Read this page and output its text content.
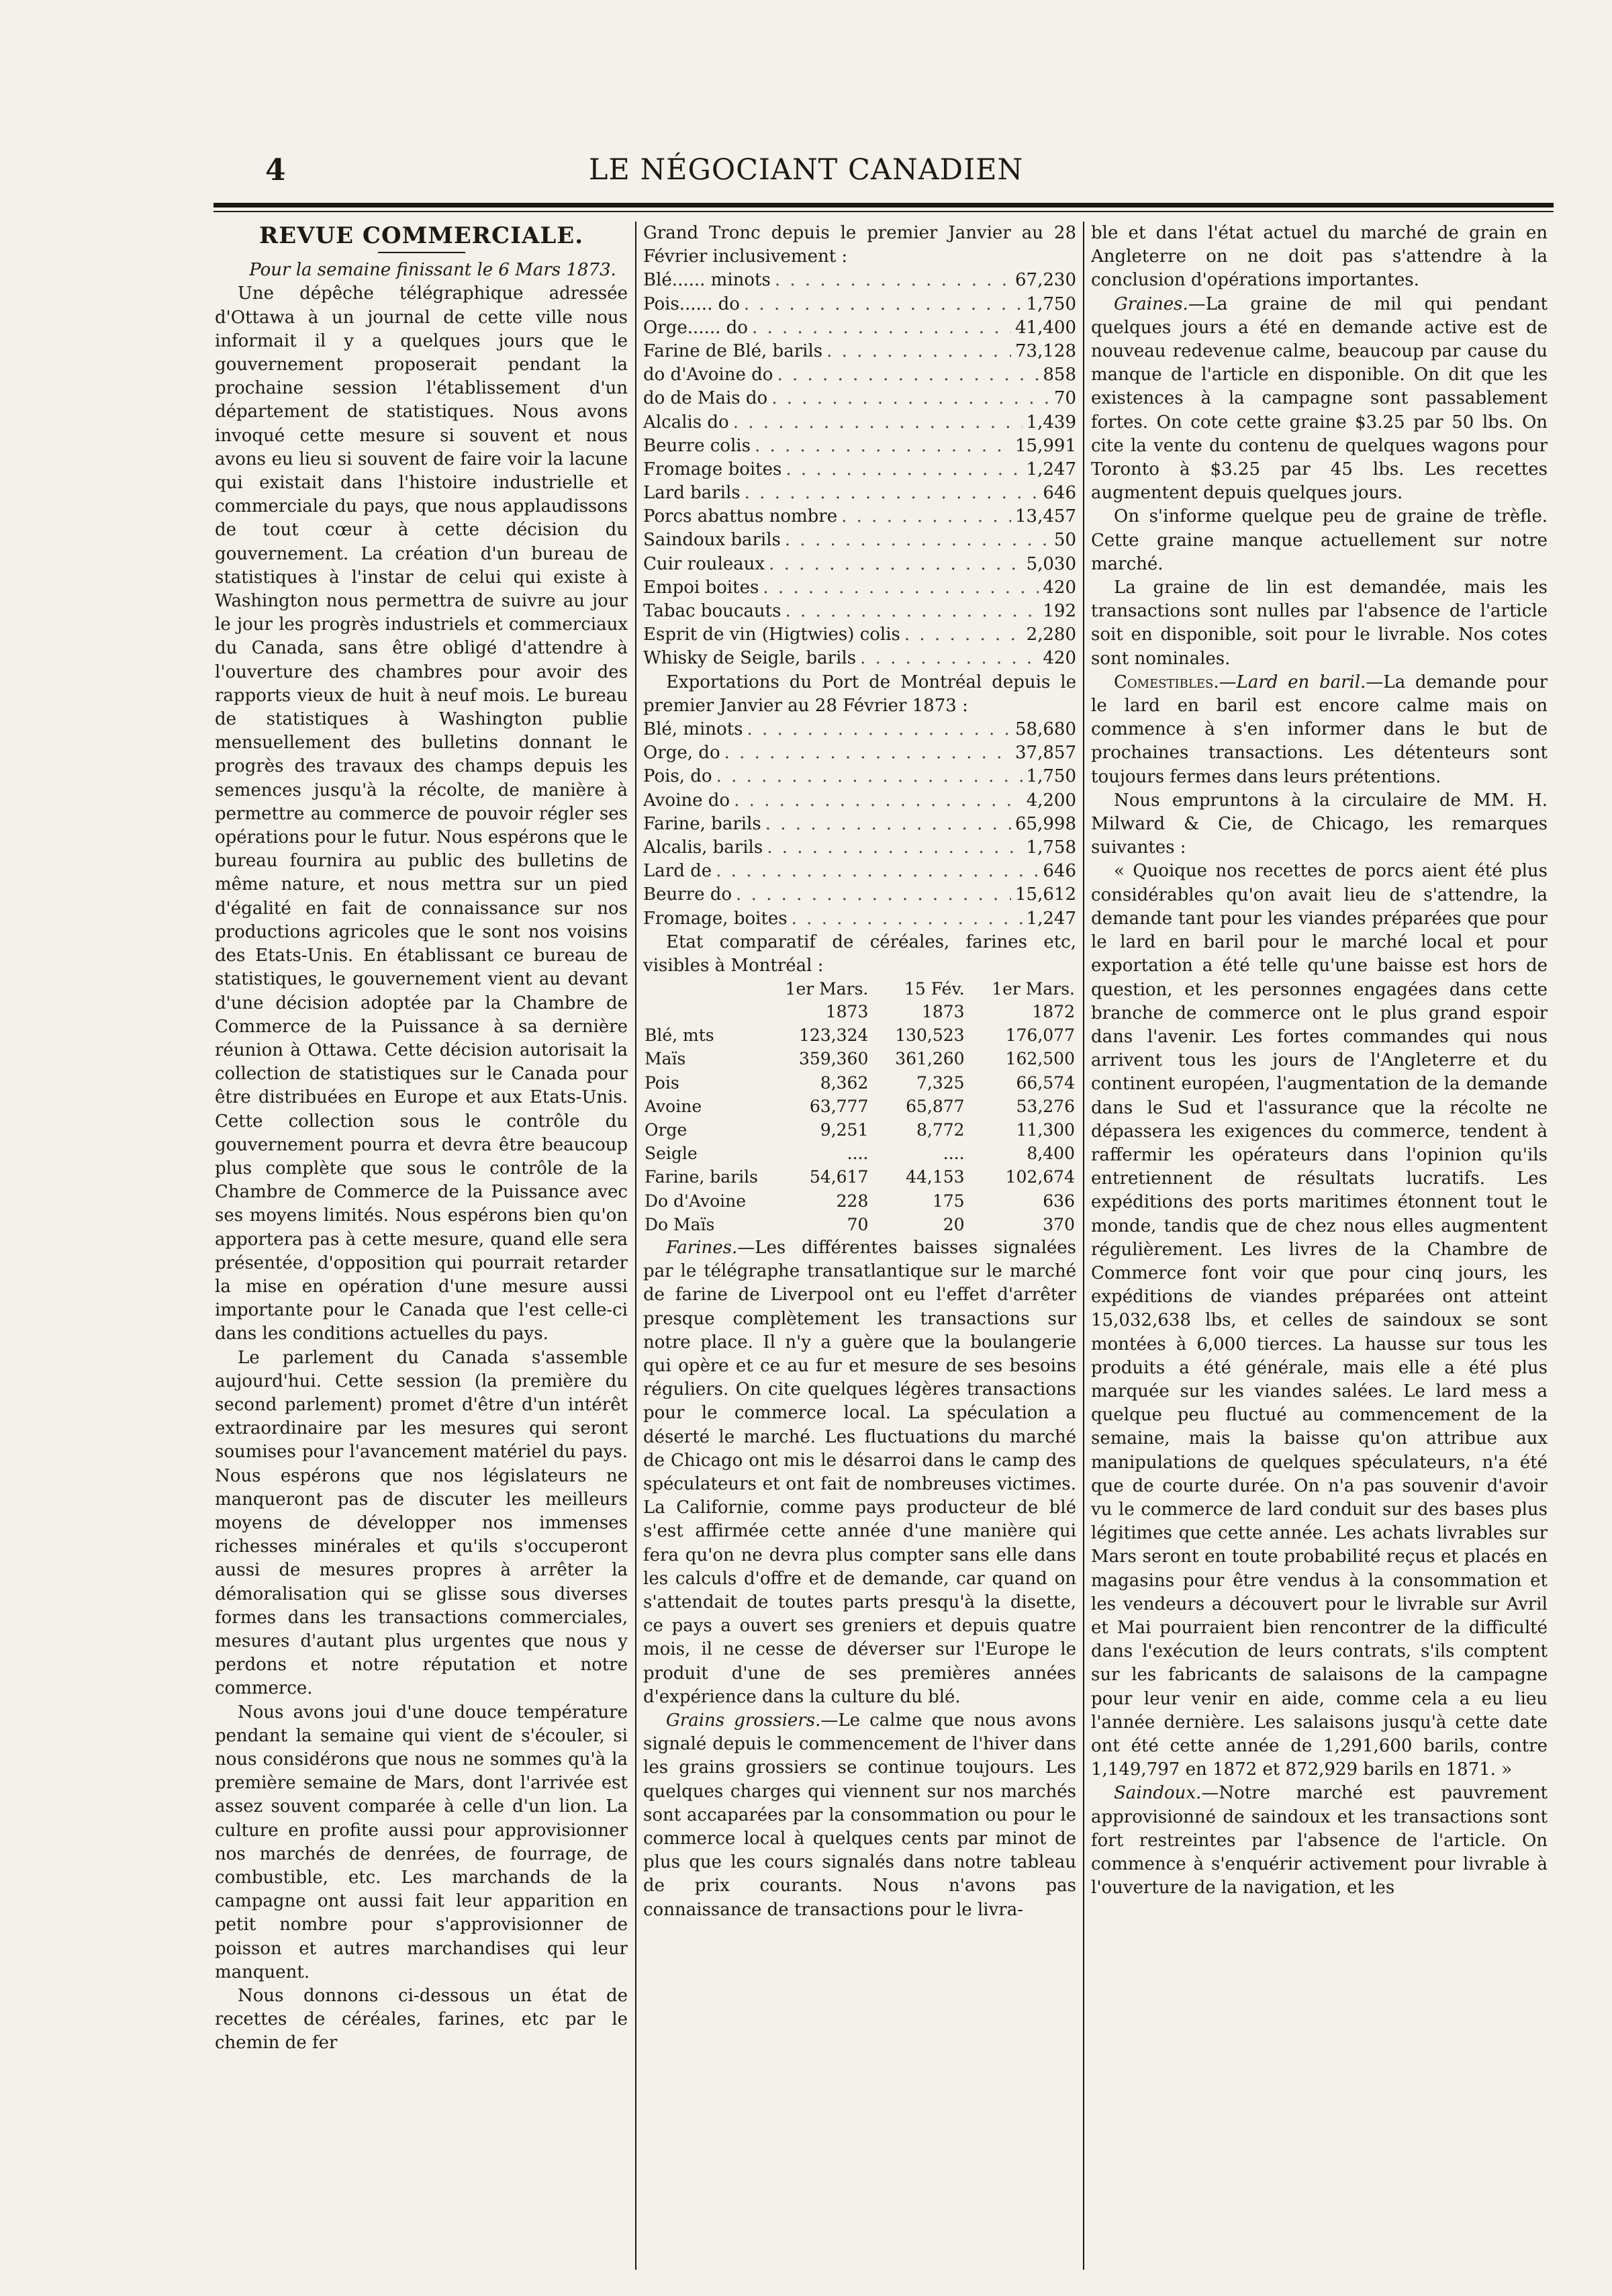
4	LE NÉGOCIANT CANADIEN
REVUE COMMERCIALE.

Pour la semaine finissant le 6 Mars 1873.

Une dépêche télégraphique adressée d'Ottawa à un journal de cette ville nous informait il y a quelques jours que le gouvernement proposerait pendant la prochaine session l'établissement d'un département de statistiques. Nous avons invoqué cette mesure si souvent et nous avons eu lieu si souvent de faire voir la lacune qui existait dans l'histoire industrielle et commerciale du pays, que nous applaudissons de tout cœur à cette décision du gouvernement. La création d'un bureau de statistiques à l'instar de celui qui existe à Washington nous permettra de suivre au jour le jour les progrès industriels et commerciaux du Canada, sans être obligé d'attendre à l'ouverture des chambres pour avoir des rapports vieux de huit à neuf mois. Le bureau de statistiques à Washington publie mensuellement des bulletins donnant le progrès des travaux des champs depuis les semences jusqu'à la récolte, de manière à permettre au commerce de pouvoir régler ses opérations pour le futur. Nous espérons que le bureau fournira au public des bulletins de même nature, et nous mettra sur un pied d'égalité en fait de connaissance sur nos productions agricoles que le sont nos voisins des Etats-Unis. En établissant ce bureau de statistiques, le gouvernement vient au devant d'une décision adoptée par la Chambre de Commerce de la Puissance à sa dernière réunion à Ottawa. Cette décision autorisait la collection de statistiques sur le Canada pour être distribuées en Europe et aux Etats-Unis. Cette collection sous le contrôle du gouvernement pourra et devra être beaucoup plus complète que sous le contrôle de la Chambre de Commerce de la Puissance avec ses moyens limités. Nous espérons bien qu'on apportera pas à cette mesure, quand elle sera présentée, d'opposition qui pourrait retarder la mise en opération d'une mesure aussi importante pour le Canada que l'est celle-ci dans les conditions actuelles du pays.

Le parlement du Canada s'assemble aujourd'hui. Cette session (la première du second parlement) promet d'être d'un intérêt extraordinaire par les mesures qui seront soumises pour l'avancement matériel du pays. Nous espérons que nos législateurs ne manqueront pas de discuter les meilleurs moyens de développer nos immenses richesses minérales et qu'ils s'occuperont aussi de mesures propres à arrêter la démoralisation qui se glisse sous diverses formes dans les transactions commerciales, mesures d'autant plus urgentes que nous y perdons et notre réputation et notre commerce.

Nous avons joui d'une douce température pendant la semaine qui vient de s'écouler, si nous considérons que nous ne sommes qu'à la première semaine de Mars, dont l'arrivée est assez souvent comparée à celle d'un lion. La culture en profite aussi pour approvisionner nos marchés de denrées, de fourrage, de combustible, etc. Les marchands de la campagne ont aussi fait leur apparition en petit nombre pour s'approvisionner de poisson et autres marchandises qui leur manquent.

Nous donnons ci-dessous un état de recettes de céréales, farines, etc par le chemin de fer

Grand Tronc depuis le premier Janvier au 28 Février inclusivement :

Blé...... minots . . .	67,230
Pois...... do . . .	1,750
Orge...... do . . .	41,400
Farine de Blé, barils . . .	73,128
do d'Avoine do . . .	858
do de Mais do . . .	70
Alcalis do . . .	1,439
Beurre colis . . .	15,991
Fromage boites . . .	1,247
Lard barils . . .	646
Porcs abattus nombre . . .	13,457
Saindoux barils . . .	50
Cuir rouleaux . . .	5,030
Empoi boites . . .	420
Tabac boucauts . . .	192
Esprit de vin (Higtwies) colis . . .	2,280
Whisky de Seigle, barils . . .	420

Exportations du Port de Montréal depuis le premier Janvier au 28 Février 1873 :

Blé, minots . . .	58,680
Orge, do . . .	37,857
Pois, do . . .	1,750
Avoine do . . .	4,200
Farine, barils . . .	65,998
Alcalis, barils . . .	1,758
Lard de . . .	646
Beurre do . . .	15,612
Fromage, boites . . .	1,247

Etat comparatif de céréales, farines etc, visibles à Montréal :

	1er Mars. 1873	15 Fév. 1873	1er Mars. 1872
Blé, mts	123,324	130,523	176,077
Maïs	359,360	361,260	162,500
Pois	8,362	7,325	66,574
Avoine	63,777	65,877	53,276
Orge	9,251	8,772	11,300
Seigle	....	....	8,400
Farine, barils	54,617	44,153	102,674
Do d'Avoine	228	175	636
Do Maïs	70	20	370

Farines.—Les différentes baisses signalées par le télégraphe transatlantique sur le marché de farine de Liverpool ont eu l'effet d'arrêter presque complètement les transactions sur notre place. Il n'y a guère que la boulangerie qui opère et ce au fur et mesure de ses besoins réguliers. On cite quelques légères transactions pour le commerce local. La spéculation a déserté le marché. Les fluctuations du marché de Chicago ont mis le désarroi dans le camp des spéculateurs et ont fait de nombreuses victimes. La Californie, comme pays producteur de blé s'est affirmée cette année d'une manière qui fera qu'on ne devra plus compter sans elle dans les calculs d'offre et de demande, car quand on s'attendait de toutes parts presqu'à la disette, ce pays a ouvert ses greniers et depuis quatre mois, il ne cesse de déverser sur l'Europe le produit d'une de ses premières années d'expérience dans la culture du blé.

Grains grossiers.—Le calme que nous avons signalé depuis le commencement de l'hiver dans les grains grossiers se continue toujours. Les quelques charges qui viennent sur nos marchés sont accaparées par la consommation ou pour le commerce local à quelques cents par minot de plus que les cours signalés dans notre tableau de prix courants. Nous n'avons pas connaissance de transactions pour le livra-

ble et dans l'état actuel du marché de grain en Angleterre on ne doit pas s'attendre à la conclusion d'opérations importantes.

Graines.—La graine de mil qui pendant quelques jours a été en demande active est de nouveau redevenue calme, beaucoup par cause du manque de l'article en disponible. On dit que les existences à la campagne sont passablement fortes. On cote cette graine $3.25 par 50 lbs. On cite la vente du contenu de quelques wagons pour Toronto à $3.25 par 45 lbs. Les recettes augmentent depuis quelques jours.

On s'informe quelque peu de graine de trèfle. Cette graine manque actuellement sur notre marché.

La graine de lin est demandée, mais les transactions sont nulles par l'absence de l'article soit en disponible, soit pour le livrable. Nos cotes sont nominales.

Comestibles.—Lard en baril.—La demande pour le lard en baril est encore calme mais on commence à s'en informer dans le but de prochaines transactions. Les détenteurs sont toujours fermes dans leurs prétentions.

Nous empruntons à la circulaire de MM. H. Milward & Cie, de Chicago, les remarques suivantes :

« Quoique nos recettes de porcs aient été plus considérables qu'on avait lieu de s'attendre, la demande tant pour les viandes préparées que pour le lard en baril pour le marché local et pour exportation a été telle qu'une baisse est hors de question, et les personnes engagées dans cette branche de commerce ont le plus grand espoir dans l'avenir. Les fortes commandes qui nous arrivent tous les jours de l'Angleterre et du continent européen, l'augmentation de la demande dans le Sud et l'assurance que la récolte ne dépassera les exigences du commerce, tendent à raffermir les opérateurs dans l'opinion qu'ils entretiennent de résultats lucratifs. Les expéditions des ports maritimes étonnent tout le monde, tandis que de chez nous elles augmentent régulièrement. Les livres de la Chambre de Commerce font voir que pour cinq jours, les expéditions de viandes préparées ont atteint 15,032,638 lbs, et celles de saindoux se sont montées à 6,000 tierces. La hausse sur tous les produits a été générale, mais elle a été plus marquée sur les viandes salées. Le lard mess a quelque peu fluctué au commencement de la semaine, mais la baisse qu'on attribue aux manipulations de quelques spéculateurs, n'a été que de courte durée. On n'a pas souvenir d'avoir vu le commerce de lard conduit sur des bases plus légitimes que cette année. Les achats livrables sur Mars seront en toute probabilité reçus et placés en magasins pour être vendus à la consommation et les vendeurs a découvert pour le livrable sur Avril et Mai pourraient bien rencontrer de la difficulté dans l'exécution de leurs contrats, s'ils comptent sur les fabricants de salaisons de la campagne pour leur venir en aide, comme cela a eu lieu l'année dernière. Les salaisons jusqu'à cette date ont été cette année de 1,291,600 barils, contre 1,149,797 en 1872 et 872,929 barils en 1871. »

Saindoux.—Notre marché est pauvrement approvisionné de saindoux et les transactions sont fort restreintes par l'absence de l'article. On commence à s'enquérir activement pour livrable à l'ouverture de la navigation, et les
